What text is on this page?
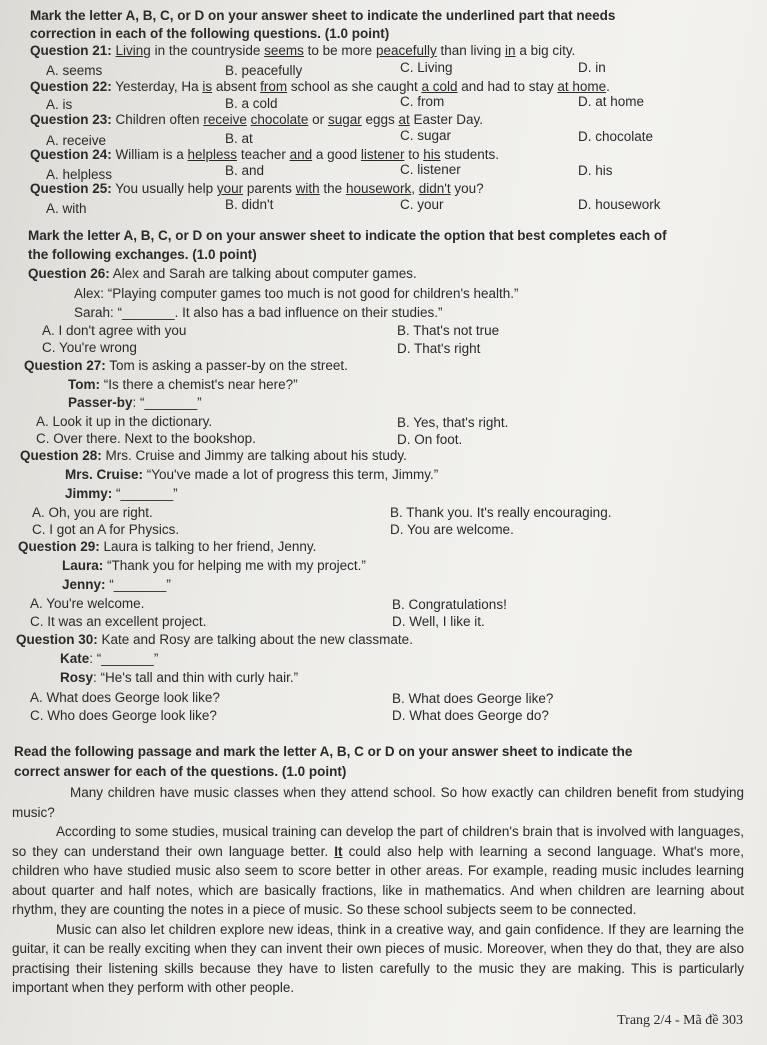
Mark the letter A, B, C, or D on your answer sheet to indicate the underlined part that needs
correction in each of the following questions. (1.0 point)
Question 21: Living in the countryside seems to be more peacefully than living in a big city.
A. seems	B. peacefully	C. Living	D. in
Question 22: Yesterday, Ha is absent from school as she caught a cold and had to stay at home.
A. is	B. a cold	C. from	D. at home
Question 23: Children often receive chocolate or sugar eggs at Easter Day.
A. receive	B. at	C. sugar	D. chocolate
Question 24: William is a helpless teacher and a good listener to his students.
A. helpless	B. and	C. listener	D. his
Question 25: You usually help your parents with the housework, didn't you?
A. with	B. didn't	C. your	D. housework
Mark the letter A, B, C, or D on your answer sheet to indicate the option that best completes each of
the following exchanges. (1.0 point)
Question 26: Alex and Sarah are talking about computer games.
Alex: “Playing computer games too much is not good for children's health.”
Sarah: “_______. It also has a bad influence on their studies.”
A. I don't agree with you	B. That's not true
C. You're wrong	D. That's right
Question 27: Tom is asking a passer-by on the street.
Tom: “Is there a chemist's near here?”
Passer-by: “_______”
A. Look it up in the dictionary.	B. Yes, that's right.
C. Over there. Next to the bookshop.	D. On foot.
Question 28: Mrs. Cruise and Jimmy are talking about his study.
Mrs. Cruise: “You've made a lot of progress this term, Jimmy.”
Jimmy: “_______”
A. Oh, you are right.	B. Thank you. It's really encouraging.
C. I got an A for Physics.	D. You are welcome.
Question 29: Laura is talking to her friend, Jenny.
Laura: “Thank you for helping me with my project.”
Jenny: “_______”
A. You're welcome.	B. Congratulations!
C. It was an excellent project.	D. Well, I like it.
Question 30: Kate and Rosy are talking about the new classmate.
Kate: “_______”
Rosy: “He's tall and thin with curly hair.”
A. What does George look like?	B. What does George like?
C. Who does George look like?	D. What does George do?
Read the following passage and mark the letter A, B, C or D on your answer sheet to indicate the
correct answer for each of the questions. (1.0 point)

Many children have music classes when they attend school. So how exactly can children benefit from studying music?

According to some studies, musical training can develop the part of children's brain that is involved with languages, so they can understand their own language better. It could also help with learning a second language. What's more, children who have studied music also seem to score better in other areas. For example, reading music includes learning about quarter and half notes, which are basically fractions, like in mathematics. And when children are learning about rhythm, they are counting the notes in a piece of music. So these school subjects seem to be connected.

Music can also let children explore new ideas, think in a creative way, and gain confidence. If they are learning the guitar, it can be really exciting when they can invent their own pieces of music. Moreover, when they do that, they are also practising their listening skills because they have to listen carefully to the music they are making. This is particularly important when they perform with other people.

Trang 2/4 - Mã đề 303
